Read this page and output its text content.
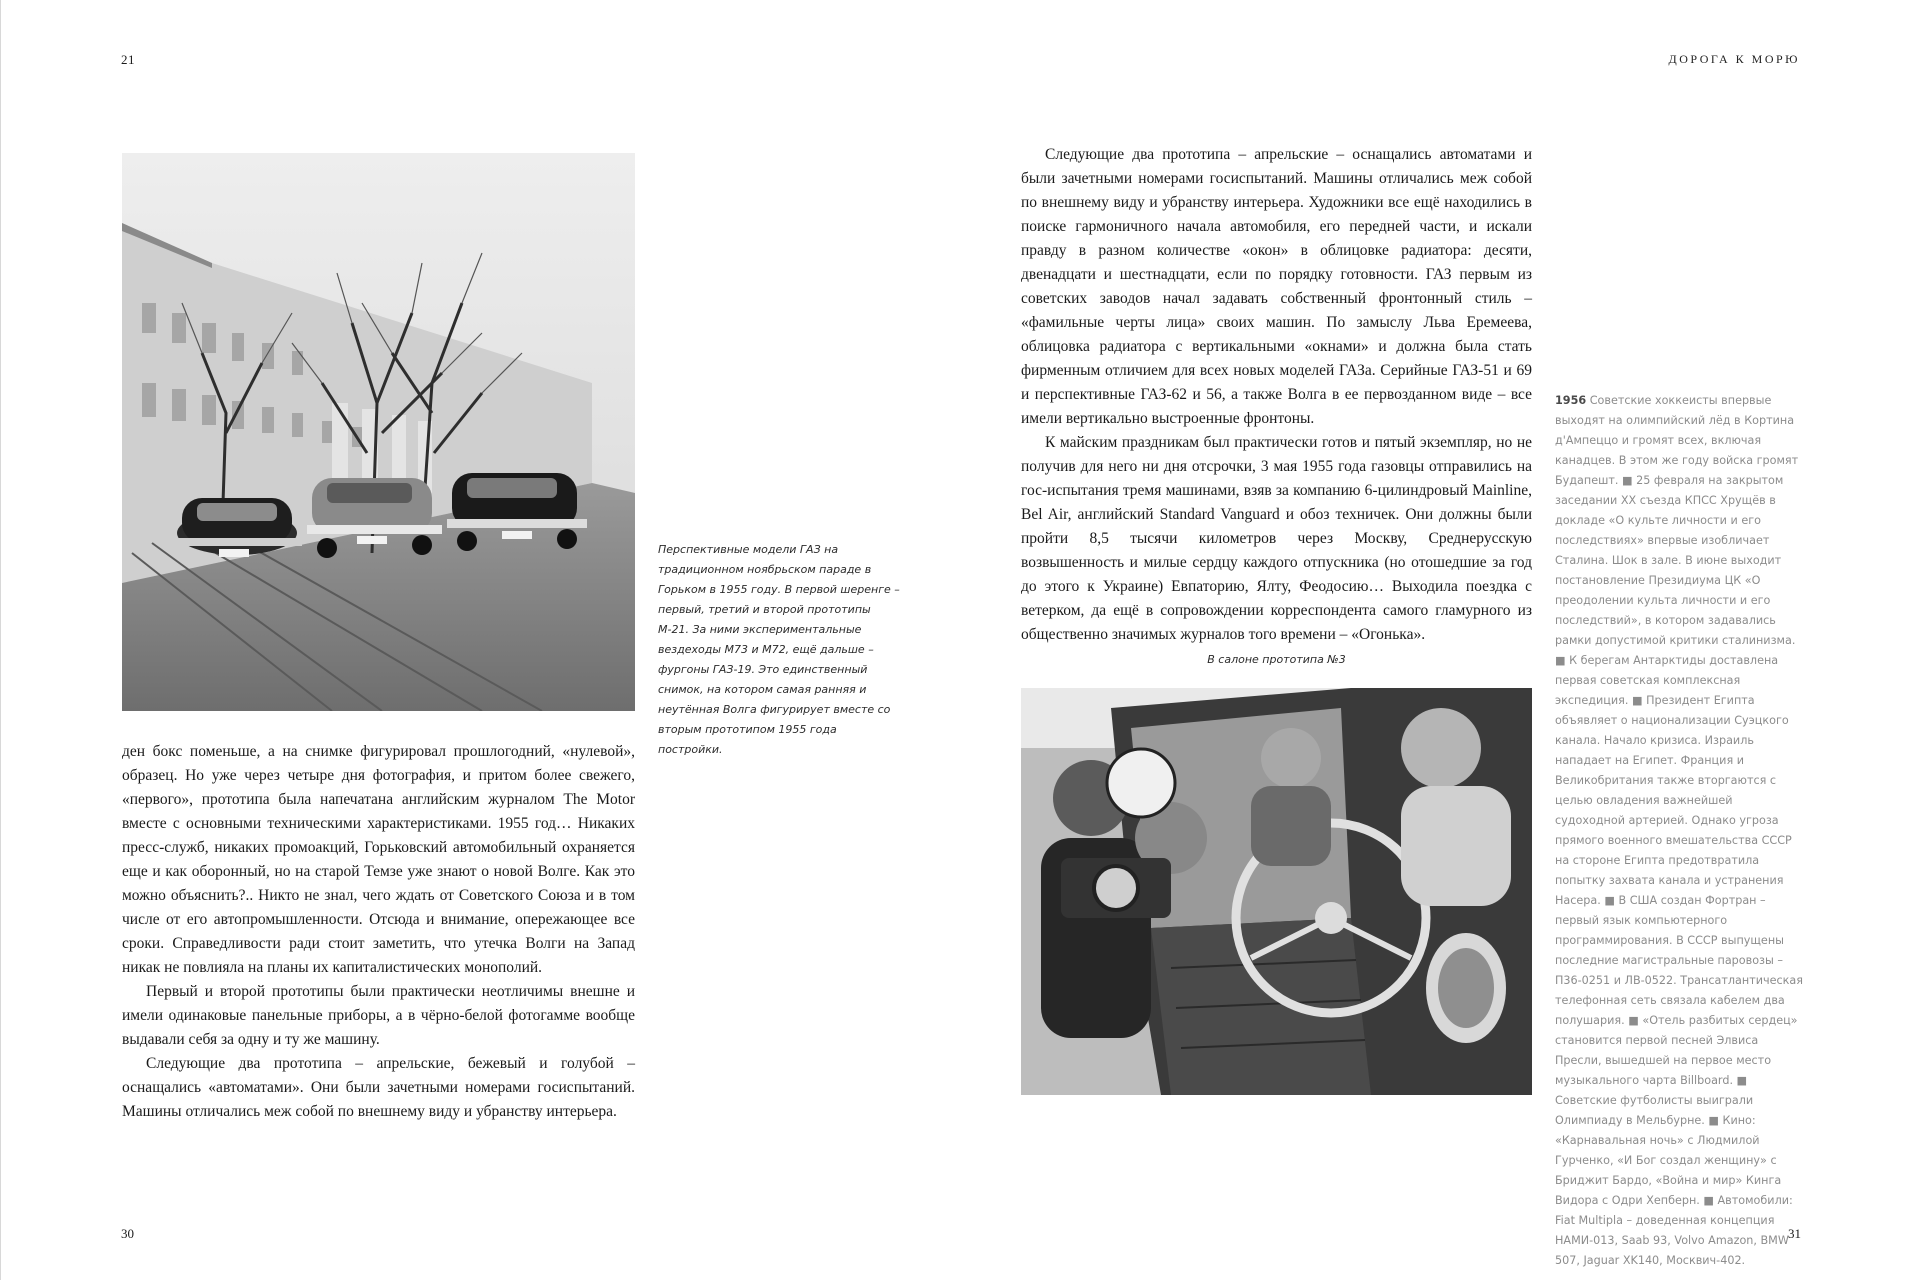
21
Перспективные модели ГАЗ на традиционном ноябрьском параде в Горьком в 1955 году. В первой шеренге – первый, третий и второй прототипы М-21. За ними экспериментальные вездеходы М73 и М72, ещё дальше – фургоны ГАЗ-19. Это единственный снимок, на котором самая ранняя и неутённая Волга фигурирует вместе со вторым прототипом 1955 года постройки.

ден бокс поменьше, а на снимке фигурировал прошлогодний, «нулевой», образец. Но уже через четыре дня фотография, и притом более свежего, «первого», прототипа была напечатана английским журналом The Motor вместе с основными техническими характеристиками. 1955 год… Никаких пресс-служб, никаких промоакций, Горьковский автомобильный охраняется еще и как оборонный, но на старой Темзе уже знают о новой Волге. Как это можно объяснить?.. Никто не знал, чего ждать от Советского Союза и в том числе от его автопромышленности. Отсюда и внимание, опережающее все сроки. Справедливости ради стоит заметить, что утечка Волги на Запад никак не повлияла на планы их капиталистических монополий.

Первый и второй прототипы были практически неотличимы внешне и имели одинаковые панельные приборы, а в чёрно-белой фотогамме вообще выдавали себя за одну и ту же машину.

Следующие два прототипа – апрельские, бежевый и голубой – оснащались «автоматами». Они были зачетными номерами госиспытаний. Машины отличались меж собой по внешнему виду и убранству интерьера.

30
ДОРОГА К МОРЮ

Следующие два прототипа – апрельские – оснащались автоматами и были зачетными номерами госиспытаний. Машины отличались меж собой по внешнему виду и убранству интерьера. Художники все ещё находились в поиске гармоничного начала автомобиля, его передней части, и искали правду в разном количестве «окон» в облицовке радиатора: десяти, двенадцати и шестнадцати, если по порядку готовности. ГАЗ первым из советских заводов начал задавать собственный фронтонный стиль – «фамильные черты лица» своих машин. По замыслу Льва Еремеева, облицовка радиатора с вертикальными «окнами» и должна была стать фирменным отличием для всех новых моделей ГАЗа. Серийные ГАЗ-51 и 69 и перспективные ГАЗ-62 и 56, а также Волга в ее первозданном виде – все имели вертикально выстроенные фронтоны.

К майским праздникам был практически готов и пятый экземпляр, но не получив для него ни дня отсрочки, 3 мая 1955 года газовцы отправились на гос-испытания тремя машинами, взяв за компанию 6-цилиндровый Mainline, Bel Air, английский Standard Vanguard и обоз техничек. Они должны были пройти 8,5 тысячи километров через Москву, Среднерусскую возвышенность и милые сердцу каждого отпускника (но отошедшие за год до этого к Украине) Евпаторию, Ялту, Феодосию… Выходила поездка с ветерком, да ещё в сопровождении корреспондента самого гламурного из общественно значимых журналов того времени – «Огонька».

В салоне прототипа №3
1956 Советские хоккеисты впервые выходят на олимпийский лёд в Кортина д'Ампеццо и громят всех, включая канадцев. В этом же году войска громят Будапешт. ■ 25 февраля на закрытом заседании XX съезда КПСС Хрущёв в докладе «О культе личности и его последствиях» впервые изобличает Сталина. Шок в зале. В июне выходит постановление Президиума ЦК «О преодолении культа личности и его последствий», в котором задавались рамки допустимой критики сталинизма. ■ К берегам Антарктиды доставлена первая советская комплексная экспедиция. ■ Президент Египта объявляет о национализации Суэцкого канала. Начало кризиса. Израиль нападает на Египет. Франция и Великобритания также вторгаются с целью овладения важнейшей судоходной артерией. Однако угроза прямого военного вмешательства СССР на стороне Египта предотвратила попытку захвата канала и устранения Насера. ■ В США создан Фортран – первый язык компьютерного программирования. В СССР выпущены последние магистральные паровозы – П36-0251 и ЛВ-0522. Трансатлантическая телефонная сеть связала кабелем два полушария. ■ «Отель разбитых сердец» становится первой песней Элвиса Пресли, вышедшей на первое место музыкального чарта Billboard. ■ Советские футболисты выиграли Олимпиаду в Мельбурне. ■ Кино: «Карнавальная ночь» с Людмилой Гурченко, «И Бог создал женщину» с Бриджит Бардо, «Война и мир» Кинга Видора с Одри Хепберн. ■ Автомобили: Fiat Multipla – доведенная концепция НАМИ-013, Saab 93, Volvo Amazon, BMW 507, Jaguar XK140, Москвич-402.
31
